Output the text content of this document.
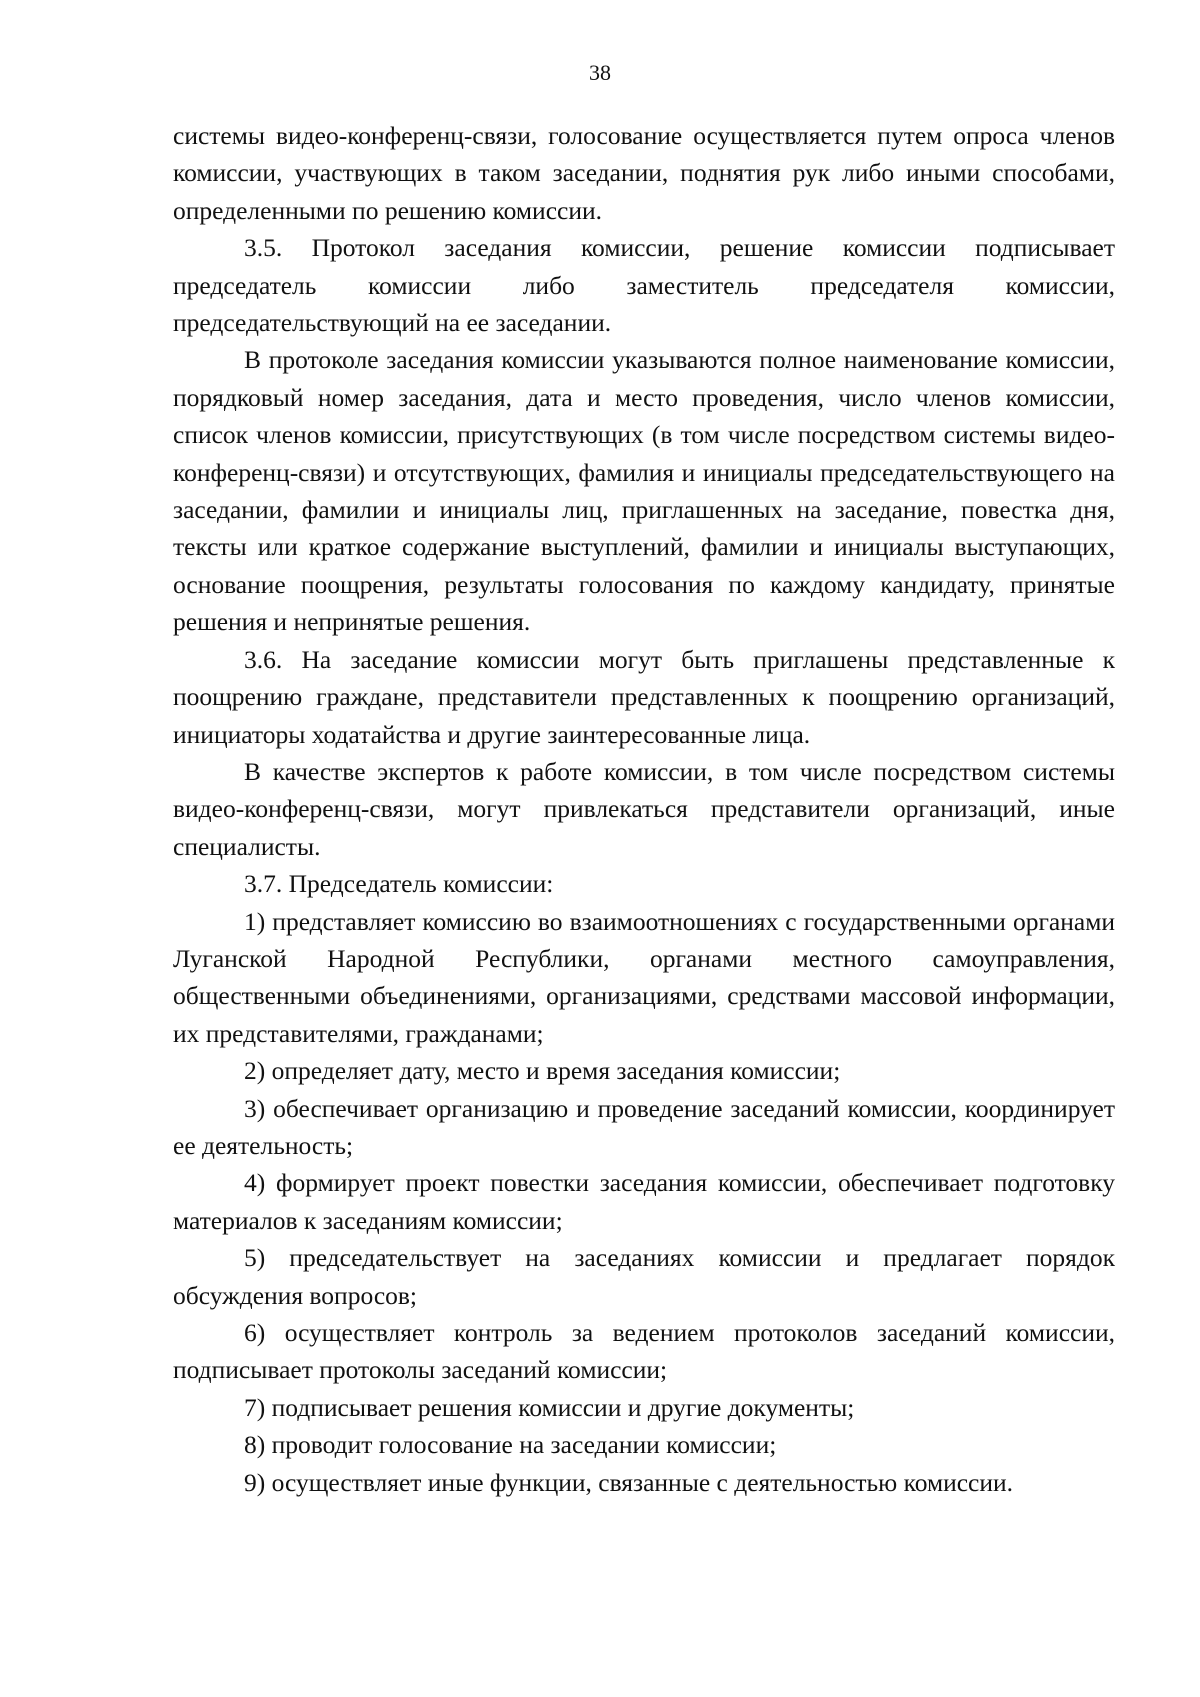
38

системы видео-конференц-связи, голосование осуществляется путем опроса членов комиссии, участвующих в таком заседании, поднятия рук либо иными способами, определенными по решению комиссии.

3.5. Протокол заседания комиссии, решение комиссии подписывает председатель комиссии либо заместитель председателя комиссии, председательствующий на ее заседании.

В протоколе заседания комиссии указываются полное наименование комиссии, порядковый номер заседания, дата и место проведения, число членов комиссии, список членов комиссии, присутствующих (в том числе посредством системы видео-конференц-связи) и отсутствующих, фамилия и инициалы председательствующего на заседании, фамилии и инициалы лиц, приглашенных на заседание, повестка дня, тексты или краткое содержание выступлений, фамилии и инициалы выступающих, основание поощрения, результаты голосования по каждому кандидату, принятые решения и непринятые решения.

3.6. На заседание комиссии могут быть приглашены представленные к поощрению граждане, представители представленных к поощрению организаций, инициаторы ходатайства и другие заинтересованные лица.

В качестве экспертов к работе комиссии, в том числе посредством системы видео-конференц-связи, могут привлекаться представители организаций, иные специалисты.

3.7. Председатель комиссии:

1) представляет комиссию во взаимоотношениях с государственными органами Луганской Народной Республики, органами местного самоуправления, общественными объединениями, организациями, средствами массовой информации, их представителями, гражданами;

2) определяет дату, место и время заседания комиссии;

3) обеспечивает организацию и проведение заседаний комиссии, координирует ее деятельность;

4) формирует проект повестки заседания комиссии, обеспечивает подготовку материалов к заседаниям комиссии;

5) председательствует на заседаниях комиссии и предлагает порядок обсуждения вопросов;

6) осуществляет контроль за ведением протоколов заседаний комиссии, подписывает протоколы заседаний комиссии;

7) подписывает решения комиссии и другие документы;

8) проводит голосование на заседании комиссии;

9) осуществляет иные функции, связанные с деятельностью комиссии.
